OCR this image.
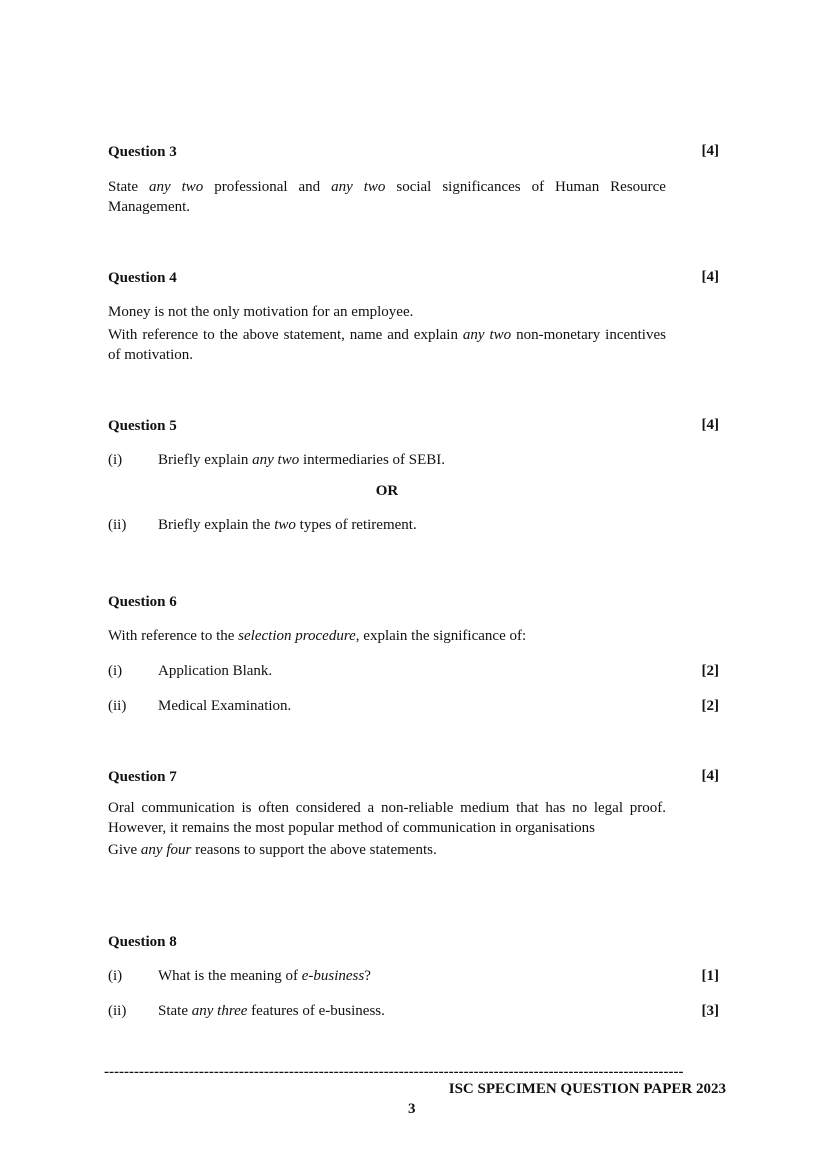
Question 3	[4]
State any two professional and any two social significances of Human Resource Management.
Question 4	[4]
Money is not the only motivation for an employee.
With reference to the above statement, name and explain any two non-monetary incentives of motivation.
Question 5	[4]
(i) Briefly explain any two intermediaries of SEBI.
OR
(ii) Briefly explain the two types of retirement.
Question 6
With reference to the selection procedure, explain the significance of:
(i) Application Blank.	[2]
(ii) Medical Examination.	[2]
Question 7	[4]
Oral communication is often considered a non-reliable medium that has no legal proof. However, it remains the most popular method of communication in organisations
Give any four reasons to support the above statements.
Question 8
(i) What is the meaning of e-business?	[1]
(ii) State any three features of e-business.	[3]
--------------------------------------------------------------------------------------------------------------------
ISC SPECIMEN QUESTION PAPER 2023
3
